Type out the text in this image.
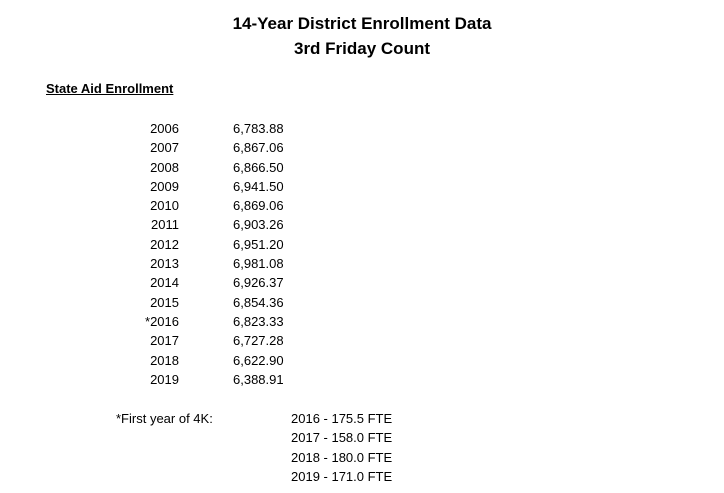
14-Year District Enrollment Data
3rd Friday Count
State Aid Enrollment
2006	6,783.88
2007	6,867.06
2008	6,866.50
2009	6,941.50
2010	6,869.06
2011	6,903.26
2012	6,951.20
2013	6,981.08
2014	6,926.37
2015	6,854.36
*2016	6,823.33
2017	6,727.28
2018	6,622.90
2019	6,388.91
*First year of 4K:	2016 - 175.5 FTE
2017 - 158.0 FTE
2018 - 180.0 FTE
2019 - 171.0 FTE
